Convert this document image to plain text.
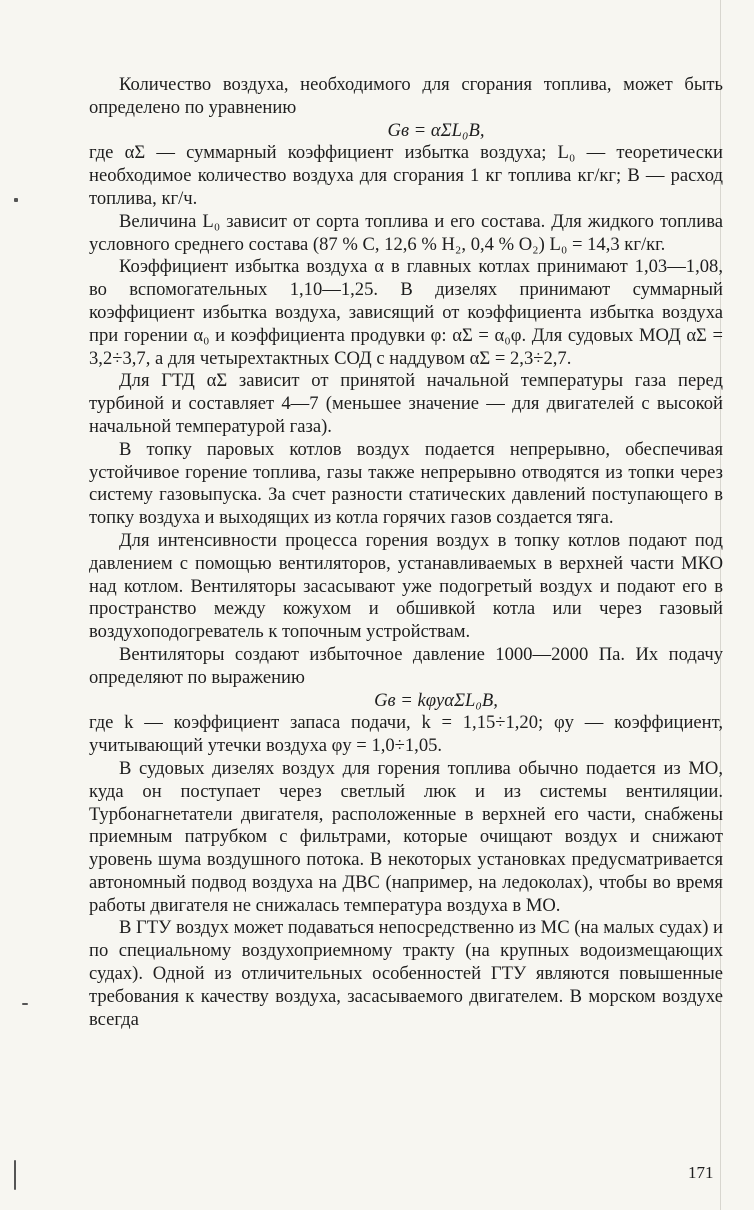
Количество воздуха, необходимого для сгорания топлива, может быть определено по уравнению

Gв = αΣL₀B,

где αΣ — суммарный коэффициент избытка воздуха; L₀ — теоретически необходимое количество воздуха для сгорания 1 кг топлива кг/кг; B — расход топлива, кг/ч.

Величина L₀ зависит от сорта топлива и его состава. Для жидкого топлива условного среднего состава (87 % C, 12,6 % H₂, 0,4 % O₂) L₀ = 14,3 кг/кг.

Коэффициент избытка воздуха α в главных котлах принимают 1,03—1,08, во вспомогательных 1,10—1,25. В дизелях принимают суммарный коэффициент избытка воздуха, зависящий от коэффициента избытка воздуха при горении α₀ и коэффициента продувки φ: αΣ = α₀φ. Для судовых МОД αΣ = 3,2÷3,7, а для четырехтактных СОД с наддувом αΣ = 2,3÷2,7.

Для ГТД αΣ зависит от принятой начальной температуры газа перед турбиной и составляет 4—7 (меньшее значение — для двигателей с высокой начальной температурой газа).

В топку паровых котлов воздух подается непрерывно, обеспечивая устойчивое горение топлива, газы также непрерывно отводятся из топки через систему газовыпуска. За счет разности статических давлений поступающего в топку воздуха и выходящих из котла горячих газов создается тяга.

Для интенсивности процесса горения воздух в топку котлов подают под давлением с помощью вентиляторов, устанавливаемых в верхней части МКО над котлом. Вентиляторы засасывают уже подогретый воздух и подают его в пространство между кожухом и обшивкой котла или через газовый воздухоподогреватель к топочным устройствам.

Вентиляторы создают избыточное давление 1000—2000 Па. Их подачу определяют по выражению

Gв = kφуαΣL₀B,

где k — коэффициент запаса подачи, k = 1,15÷1,20; φу — коэффициент, учитывающий утечки воздуха φу = 1,0÷1,05.

В судовых дизелях воздух для горения топлива обычно подается из МО, куда он поступает через светлый люк и из системы вентиляции. Турбонагнетатели двигателя, расположенные в верхней его части, снабжены приемным патрубком с фильтрами, которые очищают воздух и снижают уровень шума воздушного потока. В некоторых установках предусматривается автономный подвод воздуха на ДВС (например, на ледоколах), чтобы во время работы двигателя не снижалась температура воздуха в МО.

В ГТУ воздух может подаваться непосредственно из МС (на малых судах) и по специальному воздухоприемному тракту (на крупных водоизмещающих судах). Одной из отличительных особенностей ГТУ являются повышенные требования к качеству воздуха, засасываемого двигателем. В морском воздухе всегда

171
